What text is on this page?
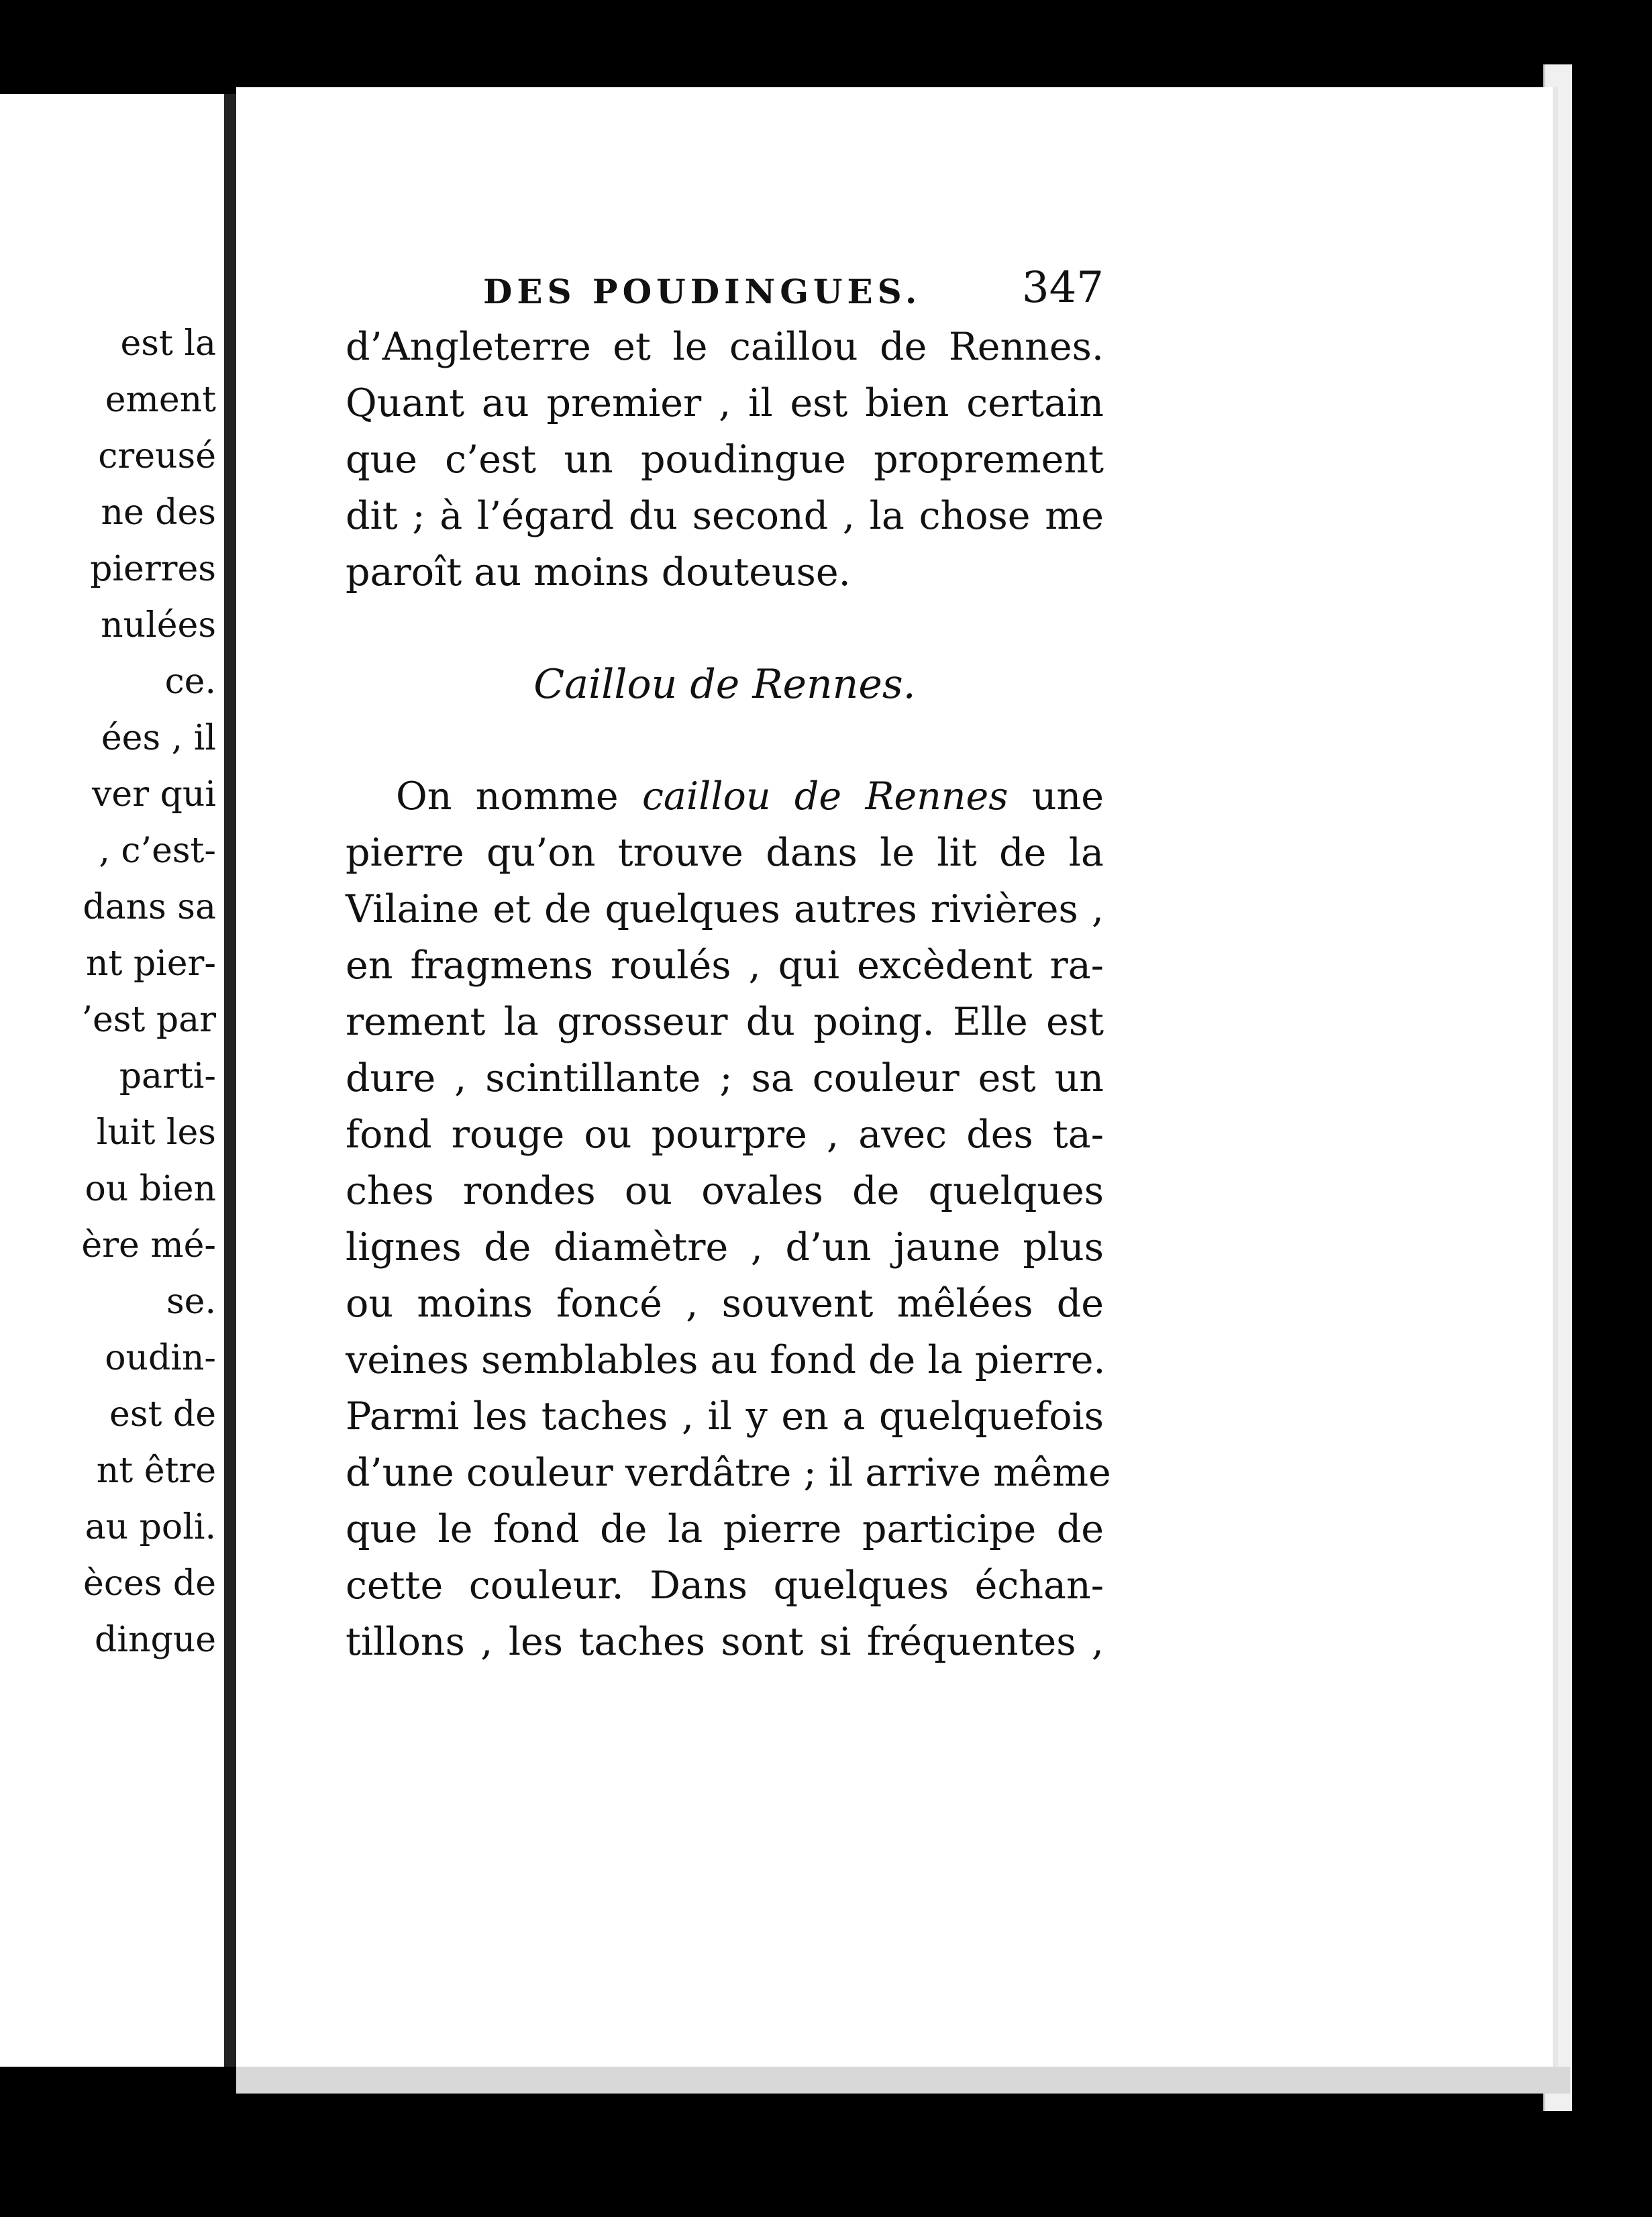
est la
ement
creusé
ne des
pierres
nulées
ce.
ées , il
ver qui
, c’est-
dans sa
nt pier-
’est par
parti-
luit les
ou bien
ère mé-
se.
oudin-
est de
nt être
au poli.
èces de
dingue
DES POUDINGUES. 347
d’Angleterre et le caillou de Rennes.
Quant au premier , il est bien certain
que c’est un poudingue proprement
dit ; à l’égard du second , la chose me
paroît au moins douteuse.
Caillou de Rennes.
On nomme caillou de Rennes une
pierre qu’on trouve dans le lit de la
Vilaine et de quelques autres rivières ,
en fragmens roulés , qui excèdent ra-
rement la grosseur du poing. Elle est
dure , scintillante ; sa couleur est un
fond rouge ou pourpre , avec des ta-
ches rondes ou ovales de quelques
lignes de diamètre , d’un jaune plus
ou moins foncé , souvent mêlées de
veines semblables au fond de la pierre.
Parmi les taches , il y en a quelquefois
d’une couleur verdâtre ; il arrive même
que le fond de la pierre participe de
cette couleur. Dans quelques échan-
tillons , les taches sont si fréquentes ,
